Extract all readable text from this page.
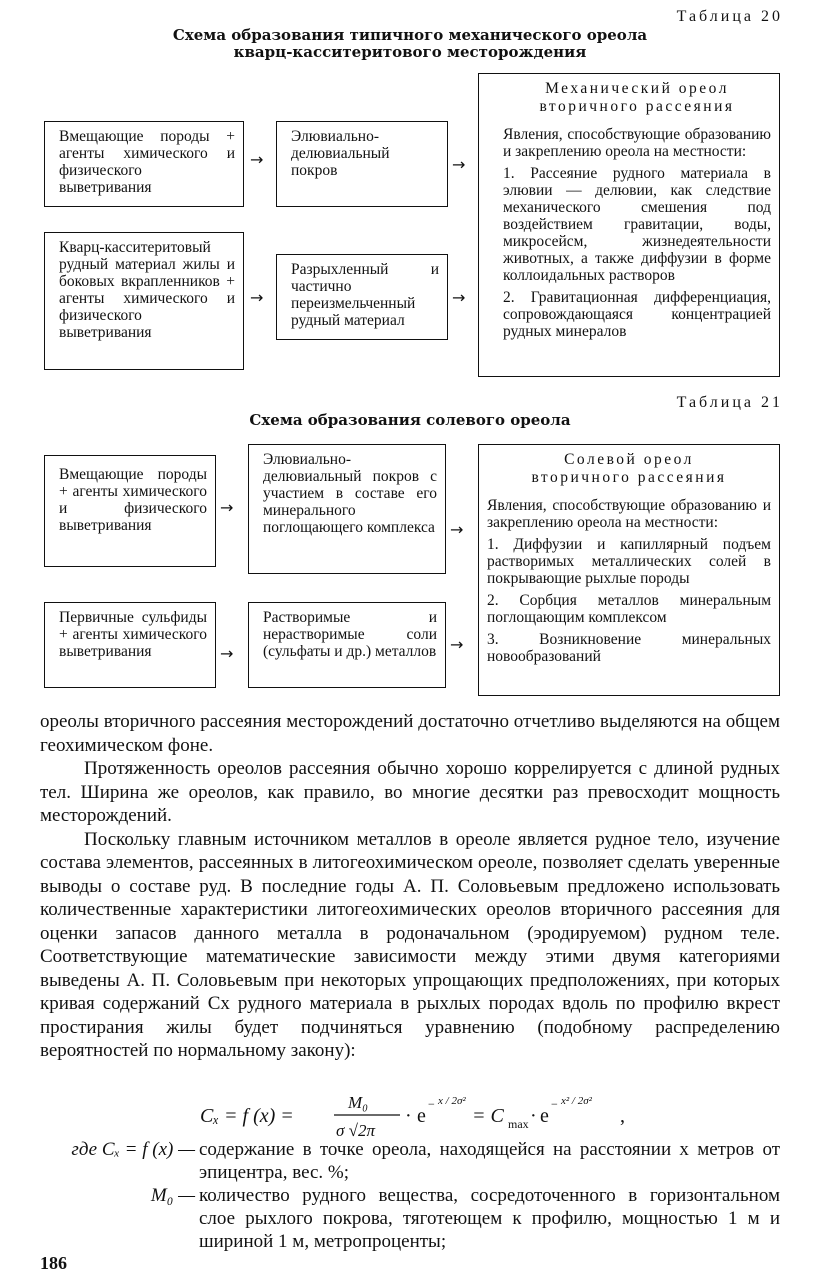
Таблица 20
Схема образования типичного механического ореола
кварц-касситеритового месторождения

Вмещающие породы + агенты химического и физического выветривания

→

Элювиально-делювиальный покров	→

Кварц-касситеритовый рудный материал жилы и боковых вкрапленников + агенты химического и физического выветривания

→

Разрыхленный и частично переизмельченный рудный материал

→
Механический ореол
вторичного рассеяния

Явления, способствующие образованию и закреплению ореола на местности:

1. Рассеяние рудного материала в элювии — делювии, как следствие механического смешения под воздействием гравитации, воды, микросейсм, жизнедеятельности животных, а также диффузии в форме коллоидальных растворов

2. Гравитационная дифференциация, сопровождающаяся концентрацией рудных минералов

Таблица 21
Схема образования солевого ореола

Вмещающие породы + агенты химического и физического выветривания

→

Элювиально-делювиальный покров с участием в составе его минерального поглощающего комплекса →

Первичные сульфиды + агенты химического выветривания	→

Растворимые и нерастворимые соли (сульфаты и др.) металлов →
Солевой ореол
вторичного рассеяния

Явления, способствующие образованию и закреплению ореола на местности:

1. Диффузии и капиллярный подъем растворимых металлических солей в покрывающие рыхлые породы

2. Сорбция металлов минеральным поглощающим комплексом

3. Возникновение минеральных новообразований

ореолы вторичного рассеяния месторождений достаточно отчетливо выделяются на общем геохимическом фоне.

Протяженность ореолов рассеяния обычно хорошо коррелируется с длиной рудных тел. Ширина же ореолов, как правило, во многие десятки раз превосходит мощность месторождений.

Поскольку главным источником металлов в ореоле является рудное тело, изучение состава элементов, рассеянных в литогеохимическом ореоле, позволяет сделать уверенные выводы о составе руд. В последние годы А. П. Соловьевым предложено использовать количественные характеристики литогеохимических ореолов вторичного рассеяния для оценки запасов данного металла в родоначальном (эродируемом) рудном теле. Соответствующие математические зависимости между этими двумя категориями выведены А. П. Соловьевым при некоторых упрощающих предположениях, при которых кривая содержаний Cx рудного материала в рыхлых породах вдоль по профилю вкрест простирания жилы будет подчиняться уравнению (подобному распределению вероятностей по нормальному закону):

Cₓ = f (x) =
M₀
σ √2π
· e
− x / 2σ²
= C max · e
− x² / 2σ²
,
где Cₓ = f (x) — содержание в точке ореола, находящейся на расстоянии x метров от эпицентра, вес. %;
M₀ — количество рудного вещества, сосредоточенного в горизонтальном слое рыхлого покрова, тяготеющем к профилю, мощностью 1 м и шириной 1 м, метропроценты;
186
